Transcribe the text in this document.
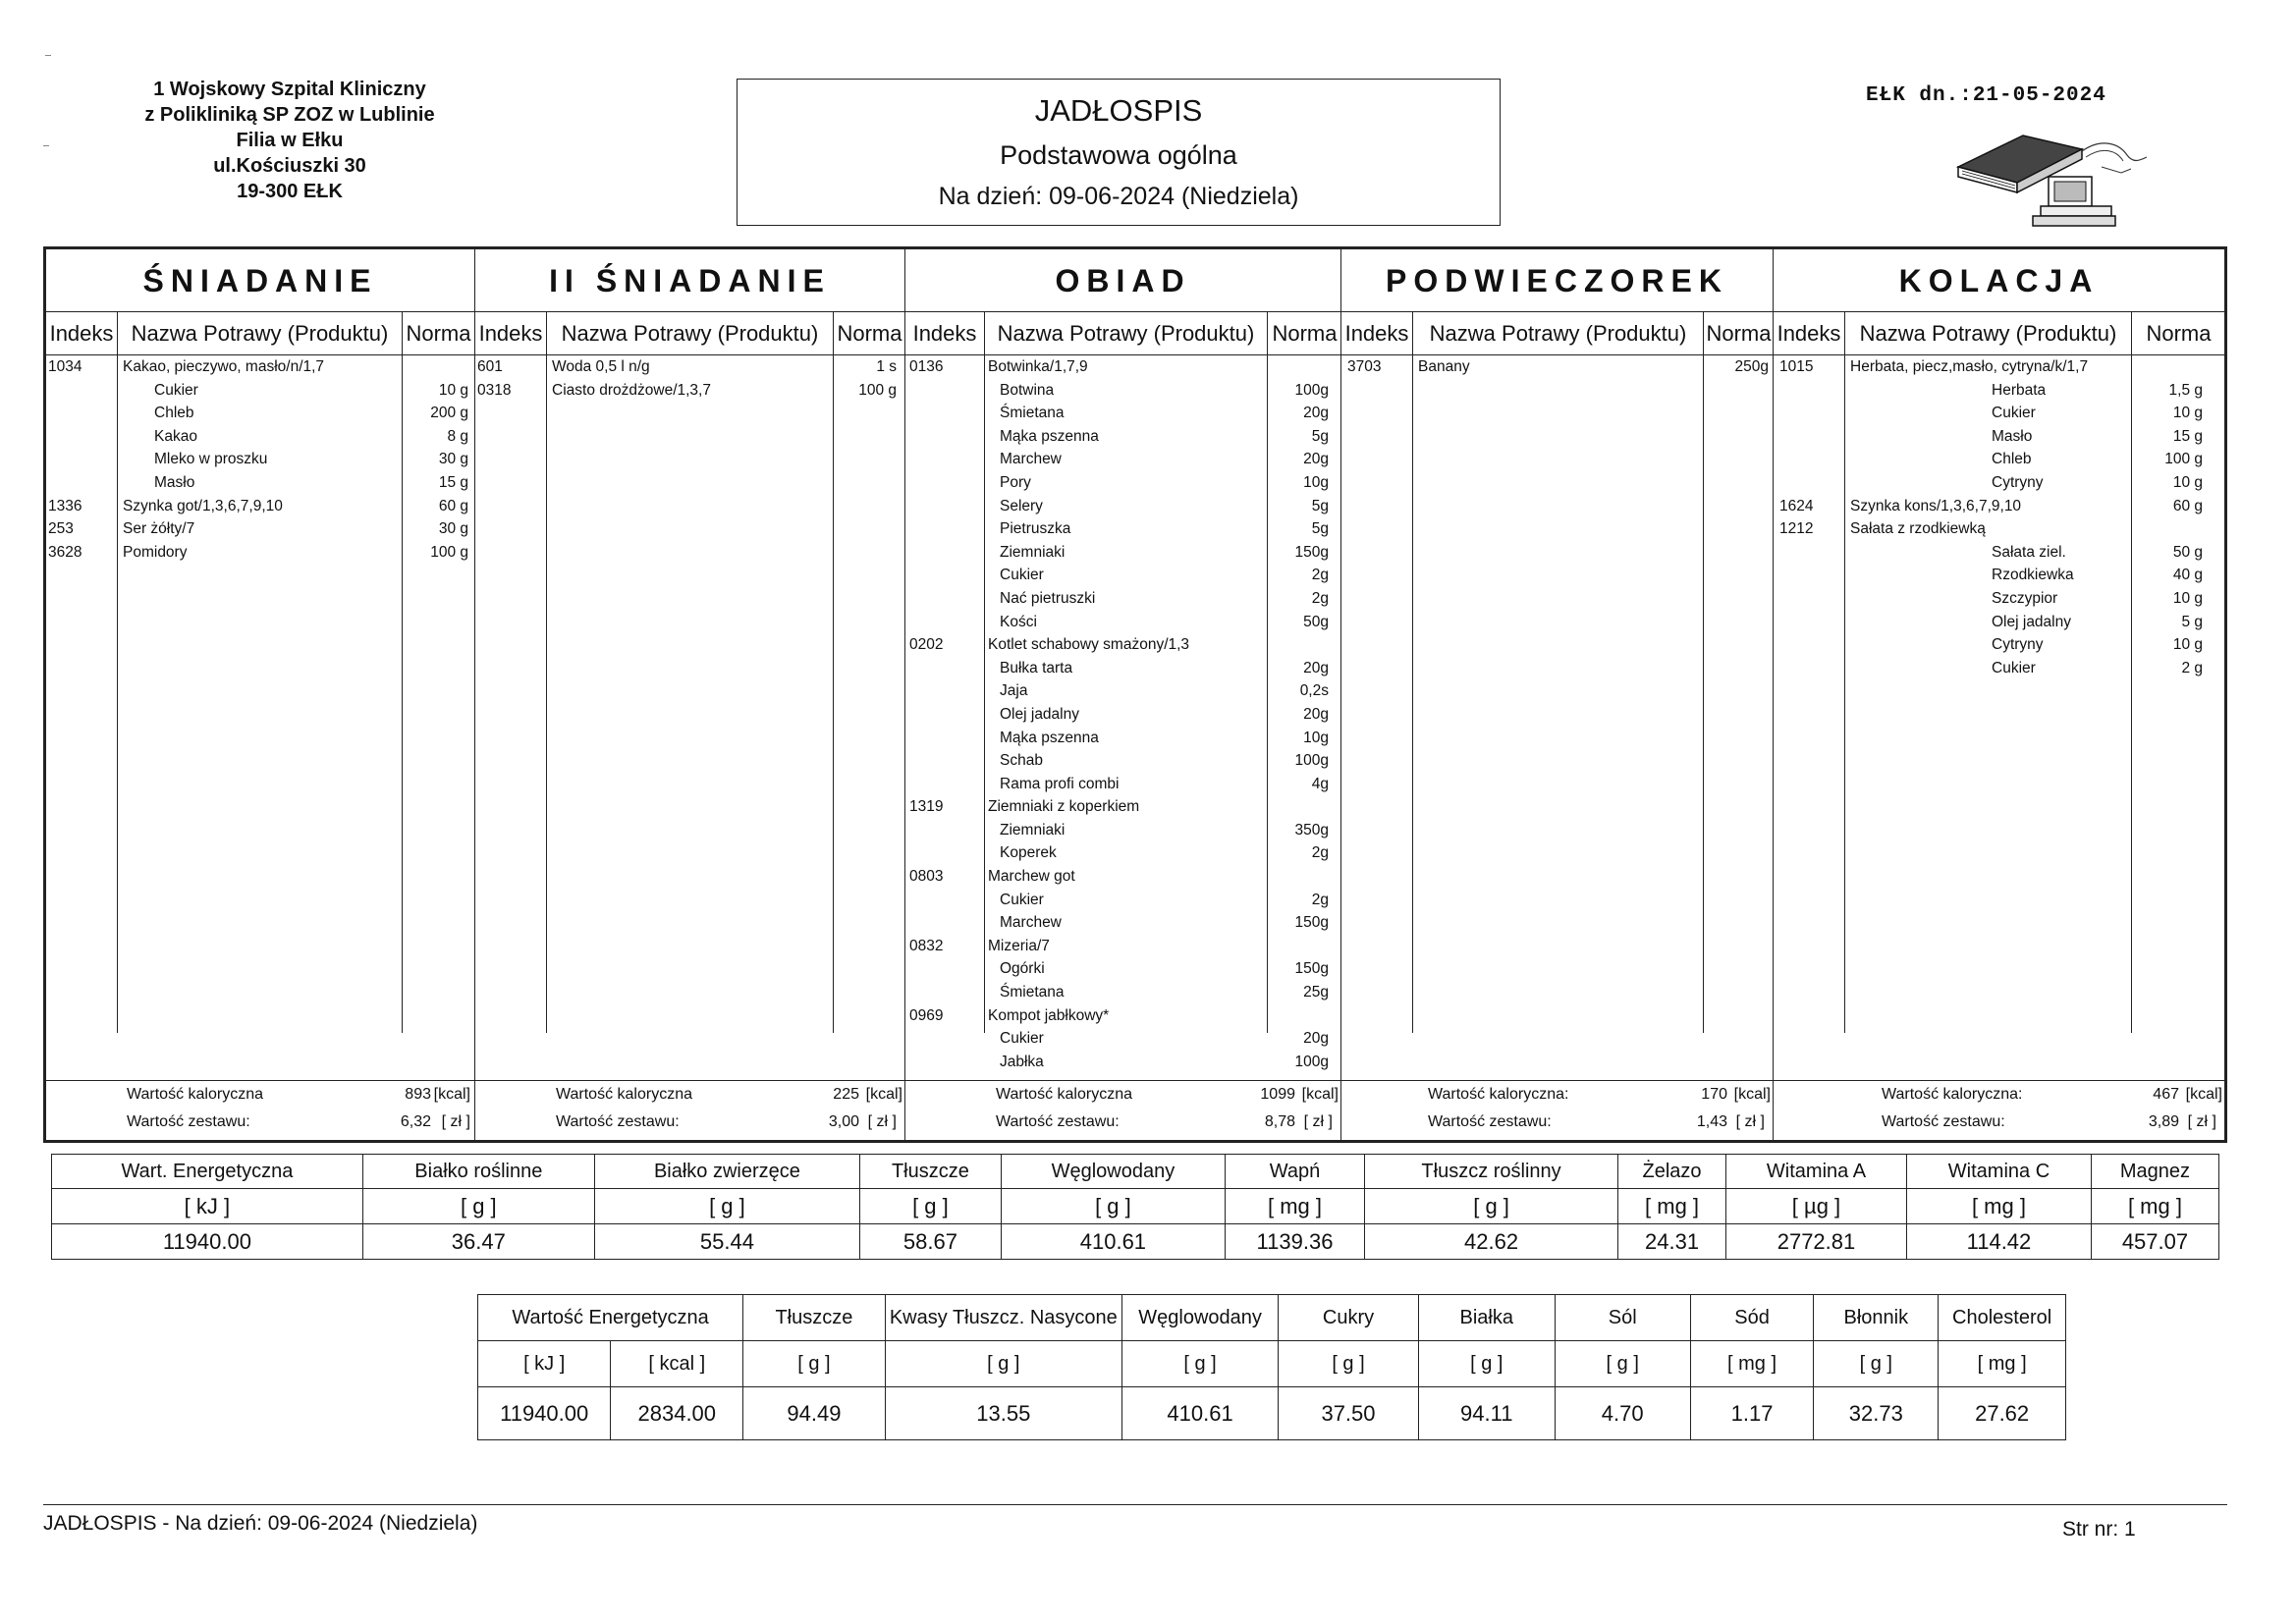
1 Wojskowy Szpital Kliniczny
z Polikliniką SP ZOZ w Lublinie
Filia w Ełku
ul.Kościuszki 30
19-300 EŁK
JADŁOSPIS
Podstawowa ogólna
Na dzień: 09-06-2024 (Niedziela)
EŁK dn.:21-05-2024
ŚNIADANIE
Indeks Nazwa Potrawy (Produktu) Norma
1034	Kakao, pieczywo, masło/n/1,7
Cukier	10 g
Chleb	200 g
Kakao	8 g
Mleko w proszku	30 g
Masło	15 g
1336	Szynka got/1,3,6,7,9,10	60 g
253	Ser żółty/7	30 g
3628	Pomidory	100 g
Wartość kaloryczna	893 [kcal]
Wartość zestawu:	6,32 [ zł ]
II ŚNIADANIE
Indeks Nazwa Potrawy (Produktu) Norma
601	Woda 0,5 l n/g	1 s
0318	Ciasto drożdżowe/1,3,7	100 g
Wartość kaloryczna	225 [kcal]
Wartość zestawu:	3,00 [ zł ]
OBIAD
Indeks Nazwa Potrawy (Produktu) Norma
0136	Botwinka/1,7,9
Botwina	100g
Śmietana	20g
Mąka pszenna	5g
Marchew	20g
Pory	10g
Selery	5g
Pietruszka	5g
Ziemniaki	150g
Cukier	2g
Nać pietruszki	2g
Kości	50g
0202	Kotlet schabowy smażony/1,3
Bułka tarta	20g
Jaja	0,2s
Olej jadalny	20g
Mąka pszenna	10g
Schab	100g
Rama profi combi	4g
1319	Ziemniaki z koperkiem
Ziemniaki	350g
Koperek	2g
0803	Marchew got
Cukier	2g
Marchew	150g
0832	Mizeria/7
Ogórki	150g
Śmietana	25g
0969	Kompot jabłkowy*
Cukier	20g
Jabłka	100g
Wartość kaloryczna	1099 [kcal]
Wartość zestawu:	8,78 [ zł ]
PODWIECZOREK
Indeks Nazwa Potrawy (Produktu) Norma
3703 Banany	250g
Wartość kaloryczna:	170 [kcal]
Wartość zestawu:	1,43 [ zł ]
KOLACJA
Indeks Nazwa Potrawy (Produktu)	Norma
1015 Herbata, piecz,masło, cytryna/k/1,7
Herbata	1,5 g
Cukier	10 g
Masło	15 g
Chleb	100 g
Cytryny	10 g
1624 Szynka kons/1,3,6,7,9,10	60 g
1212 Sałata z rzodkiewką
Sałata ziel.	50 g
Rzodkiewka	40 g
Szczypior	10 g
Olej jadalny	5 g
Cytryny	10 g
Cukier	2 g
Wartość kaloryczna:	467 [kcal]
Wartość zestawu:	3,89 [ zł ]
Wart. Energetyczna	Białko roślinne	Białko zwierzęce	Tłuszcze	Węglowodany	Wapń	Tłuszcz roślinny	Żelazo	Witamina A	Witamina C	Magnez
[ kJ ]	[ g ]	[ g ]	[ g ]	[ g ]	[ mg ]	[ g ]	[ mg ]	[ µg ]	[ mg ]	[ mg ]
11940.00	36.47	55.44	58.67	410.61	1139.36	42.62	24.31	2772.81	114.42	457.07
Wartość Energetyczna		Tłuszcze	Kwasy Tłuszcz. Nasycone	Węglowodany	Cukry	Białka	Sól	Sód	Błonnik	Cholesterol
[ kJ ]	[ kcal ]	[ g ]	[ g ]	[ g ]	[ g ]	[ g ]	[ g ]	[ mg ]	[ g ]	[ mg ]
11940.00	2834.00	94.49	13.55	410.61	37.50	94.11	4.70	1.17	32.73	27.62
JADŁOSPIS - Na dzień: 09-06-2024 (Niedziela)	Str nr: 1
